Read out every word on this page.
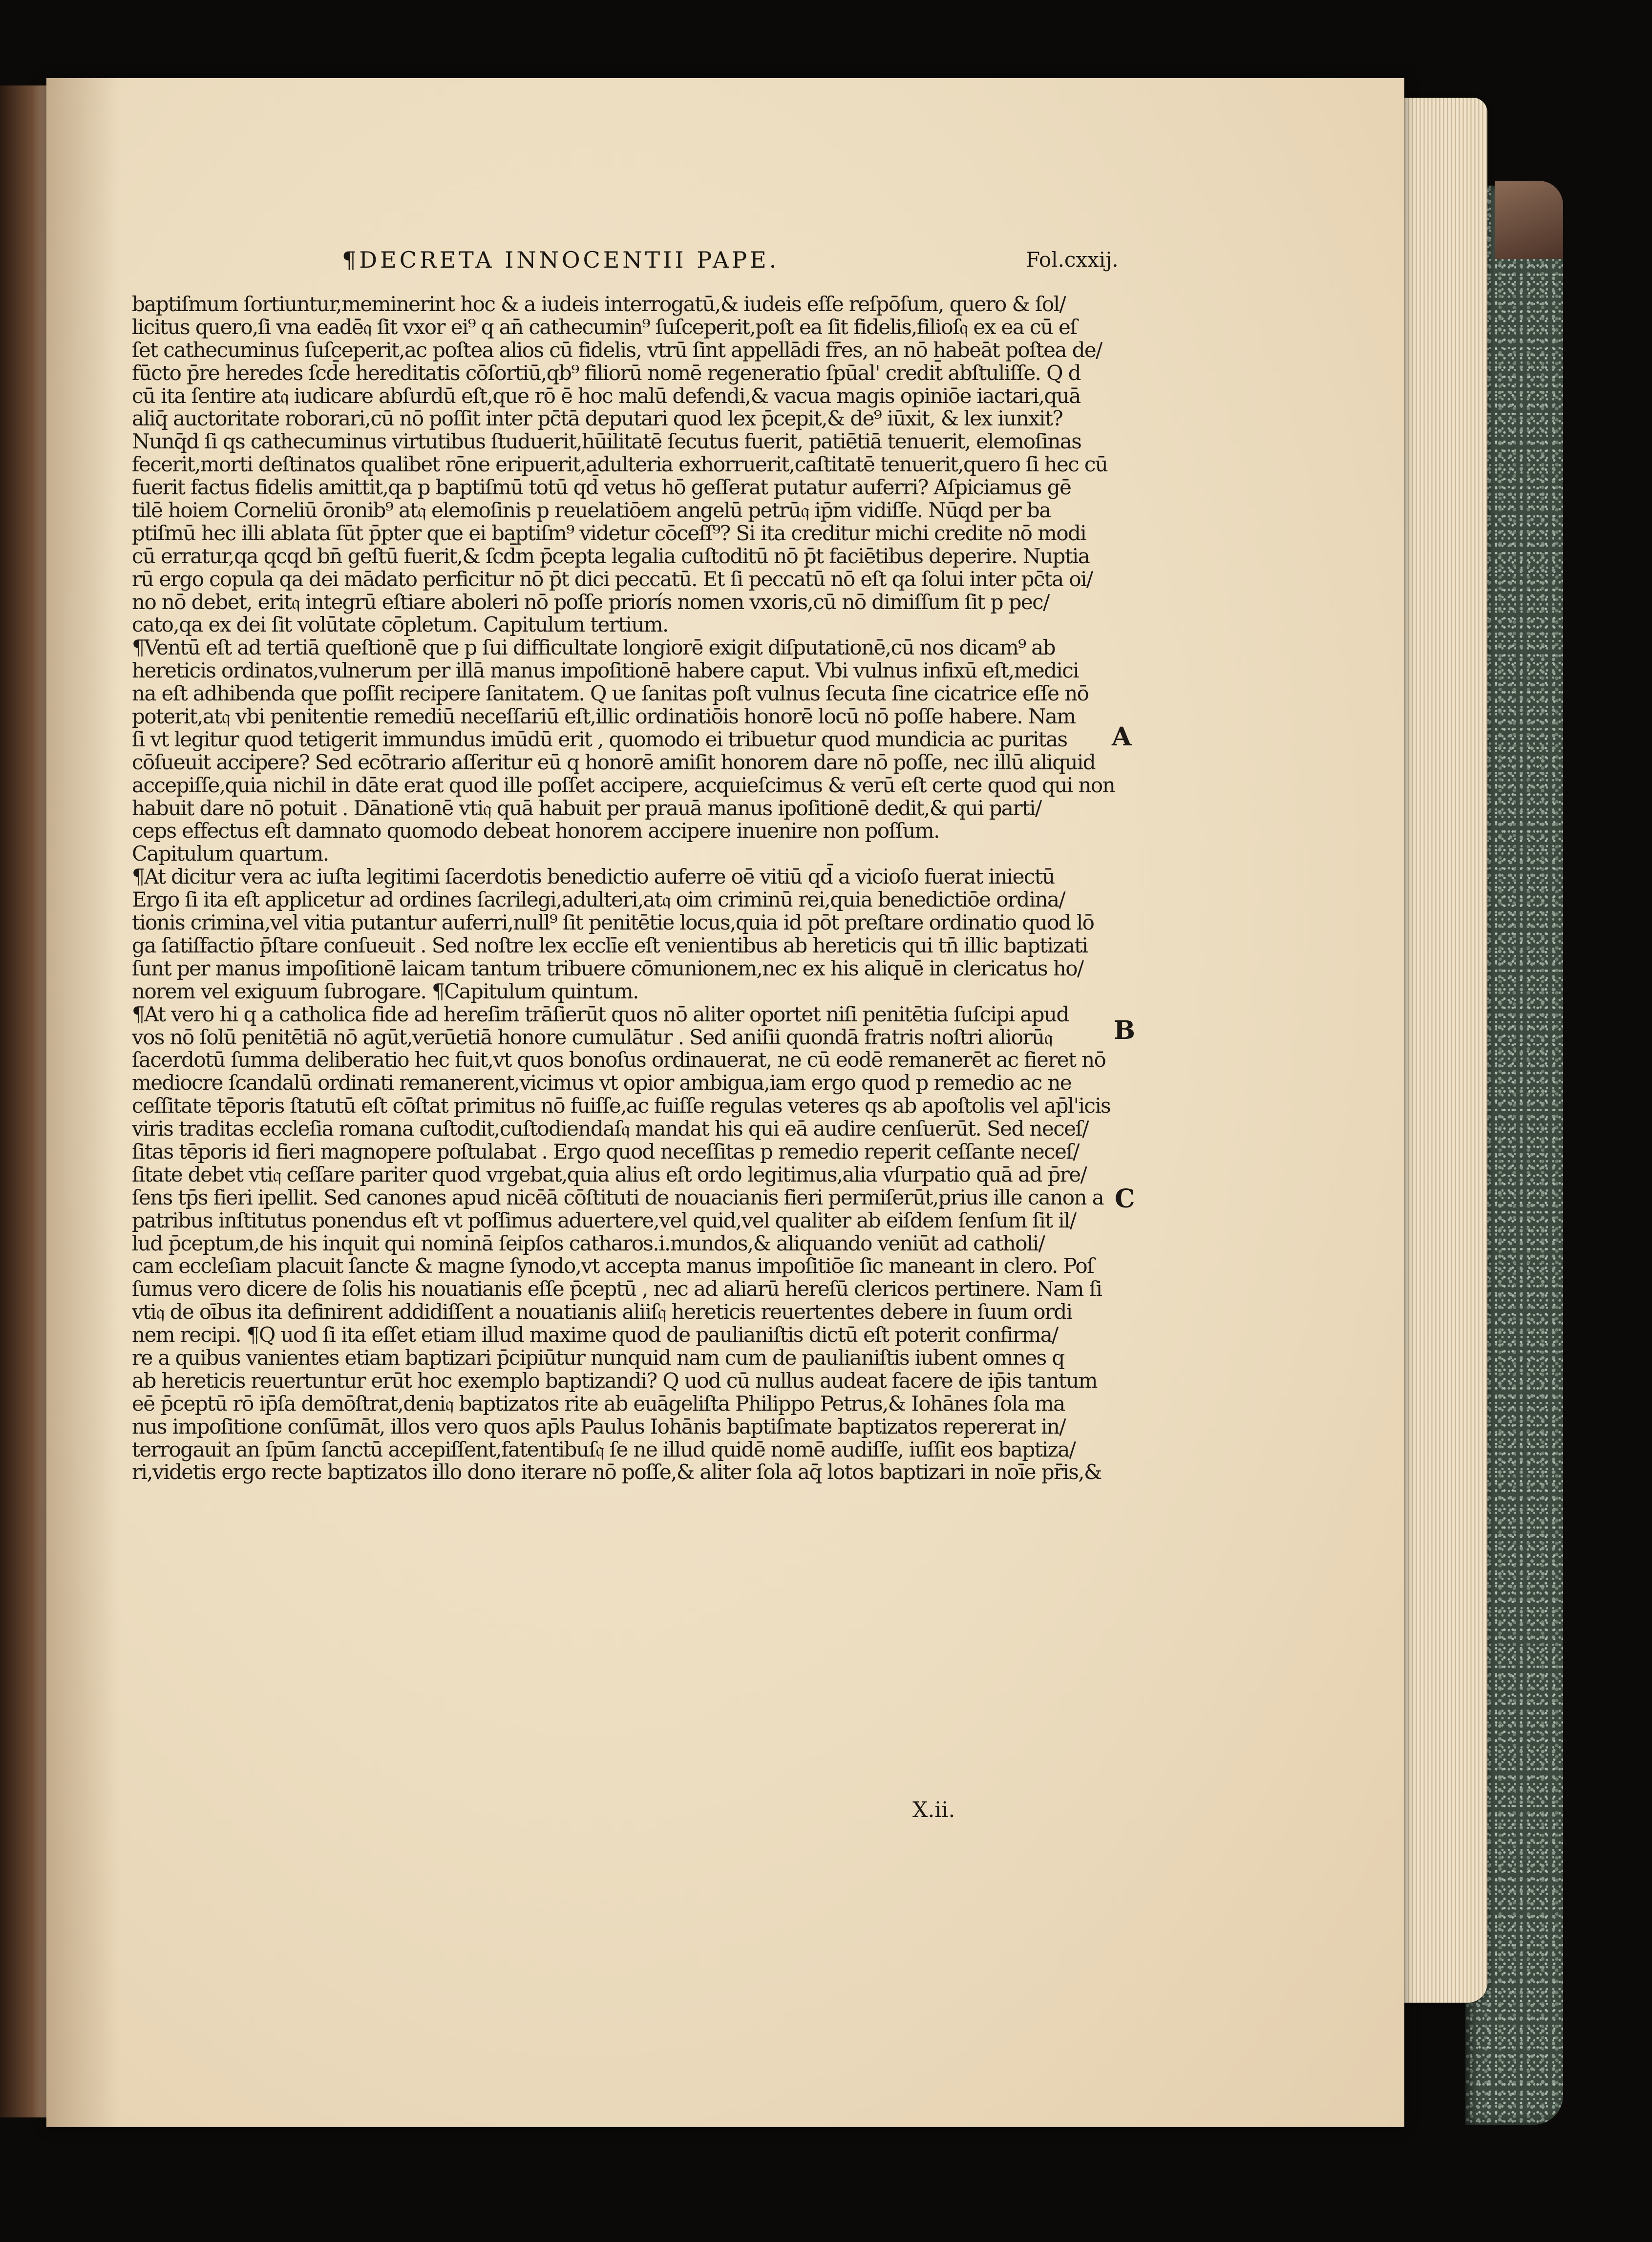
¶DECRETA INNOCENTII PAPE.	Fol.cxxij.
baptiſmum ſortiuntur,meminerint hoc & a iudeis interrogatū,& iudeis eſſe reſpōſum, quero & ſol/
licitus quero,ſi vna eadē𝔮 ſit vxor ei⁹ q an̄ cathecumin⁹ ſuſceperit,poſt ea ſit fidelis,filioſ𝔮 ex ea cū eſ
ſet cathecuminus ſuſceperit,ac poſtea alios cū fidelis, vtrū ſint appellādi fr̄es, an nō habeāt poſtea de/
fūcto p̄re heredes ſcd̄e hereditatis cōſortiū,qb⁹ filiorū nomē regeneratio ſpūal' credit̄ abſtuliſſe. Q d
cū ita ſentire at𝔮 iudicare abſurdū eſt,que rō ē hoc malū defendi,& vacua magis opiniōe iactari,quā
aliq̄ auctoritate roborari,cū nō poſſit inter pc̄tā deputari quod lex p̄cepit,& de⁹ iūxit, & lex iunxit?
Nunq̄d ſi qs cathecuminus virtutibus ſtuduerit,hūilitatē ſecutus fuerit, patiētiā tenuerit, elemoſinas
fecerit,morti deſtinatos qualibet rōne eripuerit,adulteria exhorruerit,caſtitatē tenuerit,quero ſi hec cū
fuerit factus fidelis amittit,qa p baptiſmū totū qd̄ vetus hō geſſerat putatur auferri? Aſpiciamus gē
tilē hoiem Corneliū ōronib⁹ at𝔮 elemoſinis p reuelatiōem angelū petrū𝔮 ip̄m vidiſſe. Nūqd per ba
ptiſmū hec illi ablata ſūt p̄pter que ei baptiſm⁹ videtur cōceſſ⁹? Si ita creditur michi credite nō modi
cū erratur,qa qcqd bn̄ geſtū fuerit,& ſcd̄m p̄cepta legalia cuſtoditū nō p̄t faciētibus deperire. Nuptia
rū ergo copula qa dei mādato perficitur nō p̄t dici peccatū. Et ſi peccatū nō eſt qa ſolui inter pc̄ta oi/
no nō debet, erit𝔮 integrū eſtiare aboleri nō poſſe priorís nomen vxoris,cū nō dimiſſum ſit p pec/
cato,qa ex dei ſit volūtate cōpletum. Capitulum tertium.
¶Ventū eſt ad tertiā queſtionē que p ſui difficultate longiorē exigit diſputationē,cū nos dicam⁹ ab
hereticis ordinatos,vulnerum per illā manus impoſitionē habere caput. Vbi vulnus infixū eſt,medici
na eſt adhibenda que poſſit recipere ſanitatem. Q ue ſanitas poſt vulnus ſecuta ſine cicatrice eſſe nō
poterit,at𝔮 vbi penitentie remediū neceſſariū eſt,illic ordinatiōis honorē locū nō poſſe habere. Nam
ſi vt legitur quod tetigerit immundus imūdū erit , quomodo ei tribuetur quod mundicia ac puritas
cōſueuit accipere? Sed ecōtrario aſſeritur eū q honorē amiſit honorem dare nō poſſe, nec illū aliquid
accepiſſe,quia nichil in dāte erat quod ille poſſet accipere, acquieſcimus & verū eſt certe quod qui non
habuit dare nō potuit . Dānationē vti𝔮 quā habuit per prauā manus ipoſitionē dedit,& qui parti/
ceps effectus eſt damnato quomodo debeat honorem accipere inuenire non poſſum.
Capitulum quartum.
¶At dicitur vera ac iuſta legitimi ſacerdotis benedictio auferre oē vitiū qd̄ a vicioſo fuerat iniectū
Ergo ſi ita eſt applicetur ad ordines ſacrilegi,adulteri,at𝔮 oim criminū rei,quia benedictiōe ordina/
tionis crimina,vel vitia putantur auferri,null⁹ ſit penitētie locus,quia id pōt preſtare ordinatio quod lō
ga ſatiſfactio p̄ſtare conſueuit . Sed noſtre lex ecclīe eſt venientibus ab hereticis qui tn̄ illic baptizati
ſunt per manus impoſitionē laicam tantum tribuere cōmunionem,nec ex his aliquē in clericatus ho/
norem vel exiguum ſubrogare. ¶Capitulum quintum.
¶At vero hi q a catholica fide ad hereſim trāſierūt quos nō aliter oportet niſi penitētia ſuſcipi apud
vos nō ſolū penitētiā nō agūt,verūetiā honore cumulātur . Sed aniſii quondā fratris noſtri aliorū𝔮
ſacerdotū ſumma deliberatio hec fuit,vt quos bonoſus ordinauerat, ne cū eodē remanerēt ac fieret nō
mediocre ſcandalū ordinati remanerent,vicimus vt opior ambigua,iam ergo quod p remedio ac ne
ceſſitate tēporis ſtatutū eſt cōſtat primitus nō fuiſſe,ac fuiſſe regulas veteres qs ab apoſtolis vel ap̄l'icis
viris traditas eccleſia romana cuſtodit,cuſtodiendaſ𝔮 mandat his qui eā audire cenſuerūt. Sed neceſ/
ſitas tēporis id fieri magnopere poſtulabat . Ergo quod neceſſitas p remedio reperit ceſſante neceſ/
ſitate debet vti𝔮 ceſſare pariter quod vrgebat,quia alius eſt ordo legitimus,alia vſurpatio quā ad p̄re/
ſens tp̄s fieri ipellit. Sed canones apud nicēā cōſtituti de nouacianis fieri permiſerūt,prius ille canon a
patribus inſtitutus ponendus eſt vt poſſimus aduertere,vel quid,vel qualiter ab eiſdem ſenſum ſit il/
lud p̄ceptum,de his inquit qui nominā ſeipſos catharos.i.mundos,& aliquando veniūt ad catholi/
cam eccleſiam placuit ſancte & magne ſynodo,vt accepta manus impoſitiōe ſic maneant in clero. Poſ
ſumus vero dicere de ſolis his nouatianis eſſe p̄ceptū , nec ad aliarū hereſū clericos pertinere. Nam ſi
vti𝔮 de oībus ita definirent addidiſſent a nouatianis aliiſ𝔮 hereticis reuertentes debere in ſuum ordi
nem recipi. ¶Q uod ſi ita eſſet etiam illud maxime quod de paulianiſtis dictū eſt poterit confirma/
re a quibus vanientes etiam baptizari p̄cipiūtur nunquid nam cum de paulianiſtis iubent omnes q
ab hereticis reuertuntur erūt hoc exemplo baptizandi? Q uod cū nullus audeat facere de ip̄is tantum
eē p̄ceptū rō ip̄ſa demōſtrat,deni𝔮 baptizatos rite ab euāgeliſta Philippo Petrus,& Iohānes ſola ma
nus impoſitione conſūmāt, illos vero quos ap̄ls Paulus Iohānis baptiſmate baptizatos repererat in/
terrogauit an ſpūm ſanctū accepiſſent,fatentibuſ𝔮 ſe ne illud quidē nomē audiſſe, iuſſit eos baptiza/
ri,videtis ergo recte baptizatos illo dono iterare nō poſſe,& aliter ſola aq̄ lotos baptizari in noīe pr̄is,&
A
B
C
X.ii.
